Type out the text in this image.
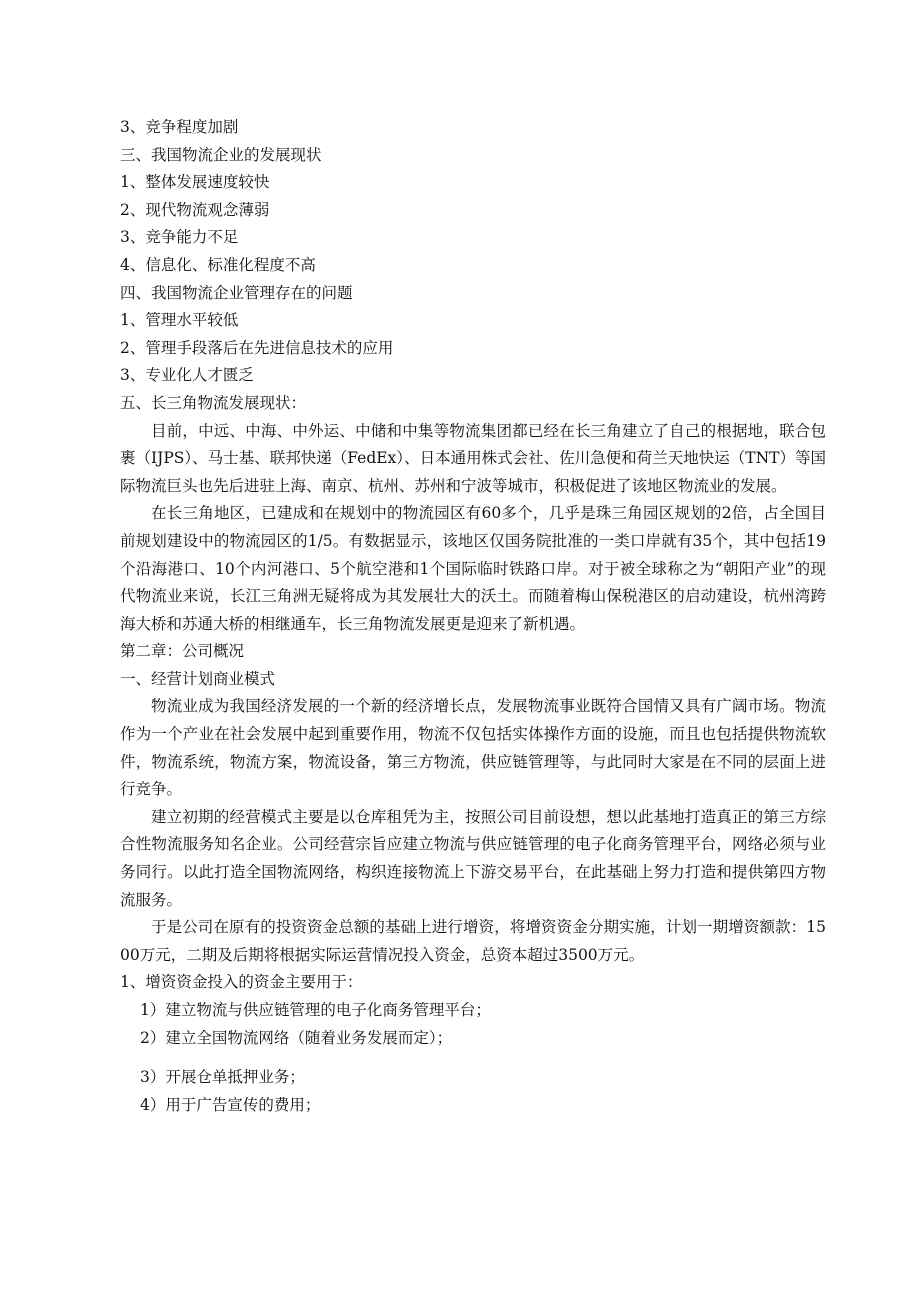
3、竞争程度加剧

三、我国物流企业的发展现状

1、整体发展速度较快

2、现代物流观念薄弱

3、竞争能力不足

4、信息化、标准化程度不高

四、我国物流企业管理存在的问题

1、管理水平较低

2、管理手段落后在先进信息技术的应用

3、专业化人才匮乏

五、长三角物流发展现状：

目前，中远、中海、中外运、中储和中集等物流集团都已经在长三角建立了自己的根据地，联合包裹（IJPS）、马士基、联邦快递（FedEx）、日本通用株式会社、佐川急便和荷兰天地快运（TNT）等国际物流巨头也先后进驻上海、南京、杭州、苏州和宁波等城市，积极促进了该地区物流业的发展。

在长三角地区，已建成和在规划中的物流园区有60多个，几乎是珠三角园区规划的2倍，占全国目前规划建设中的物流园区的1/5。有数据显示，该地区仅国务院批准的一类口岸就有35个，其中包括19个沿海港口、10个内河港口、5个航空港和1个国际临时铁路口岸。对于被全球称之为“朝阳产业”的现代物流业来说，长江三角洲无疑将成为其发展壮大的沃土。而随着梅山保税港区的启动建设，杭州湾跨海大桥和苏通大桥的相继通车，长三角物流发展更是迎来了新机遇。

第二章：公司概况

一、经营计划商业模式

物流业成为我国经济发展的一个新的经济增长点，发展物流事业既符合国情又具有广阔市场。物流作为一个产业在社会发展中起到重要作用，物流不仅包括实体操作方面的设施，而且也包括提供物流软件，物流系统，物流方案，物流设备，第三方物流，供应链管理等，与此同时大家是在不同的层面上进行竞争。

建立初期的经营模式主要是以仓库租凭为主，按照公司目前设想，想以此基地打造真正的第三方综合性物流服务知名企业。公司经营宗旨应建立物流与供应链管理的电子化商务管理平台，网络必须与业务同行。以此打造全国物流网络，构织连接物流上下游交易平台，在此基础上努力打造和提供第四方物流服务。

于是公司在原有的投资资金总额的基础上进行增资，将增资资金分期实施，计划一期增资额款：1500万元，二期及后期将根据实际运营情况投入资金，总资本超过3500万元。

1、增资资金投入的资金主要用于：

1）建立物流与供应链管理的电子化商务管理平台；

2）建立全国物流网络（随着业务发展而定）；

3）开展仓单抵押业务；

4）用于广告宣传的费用；
